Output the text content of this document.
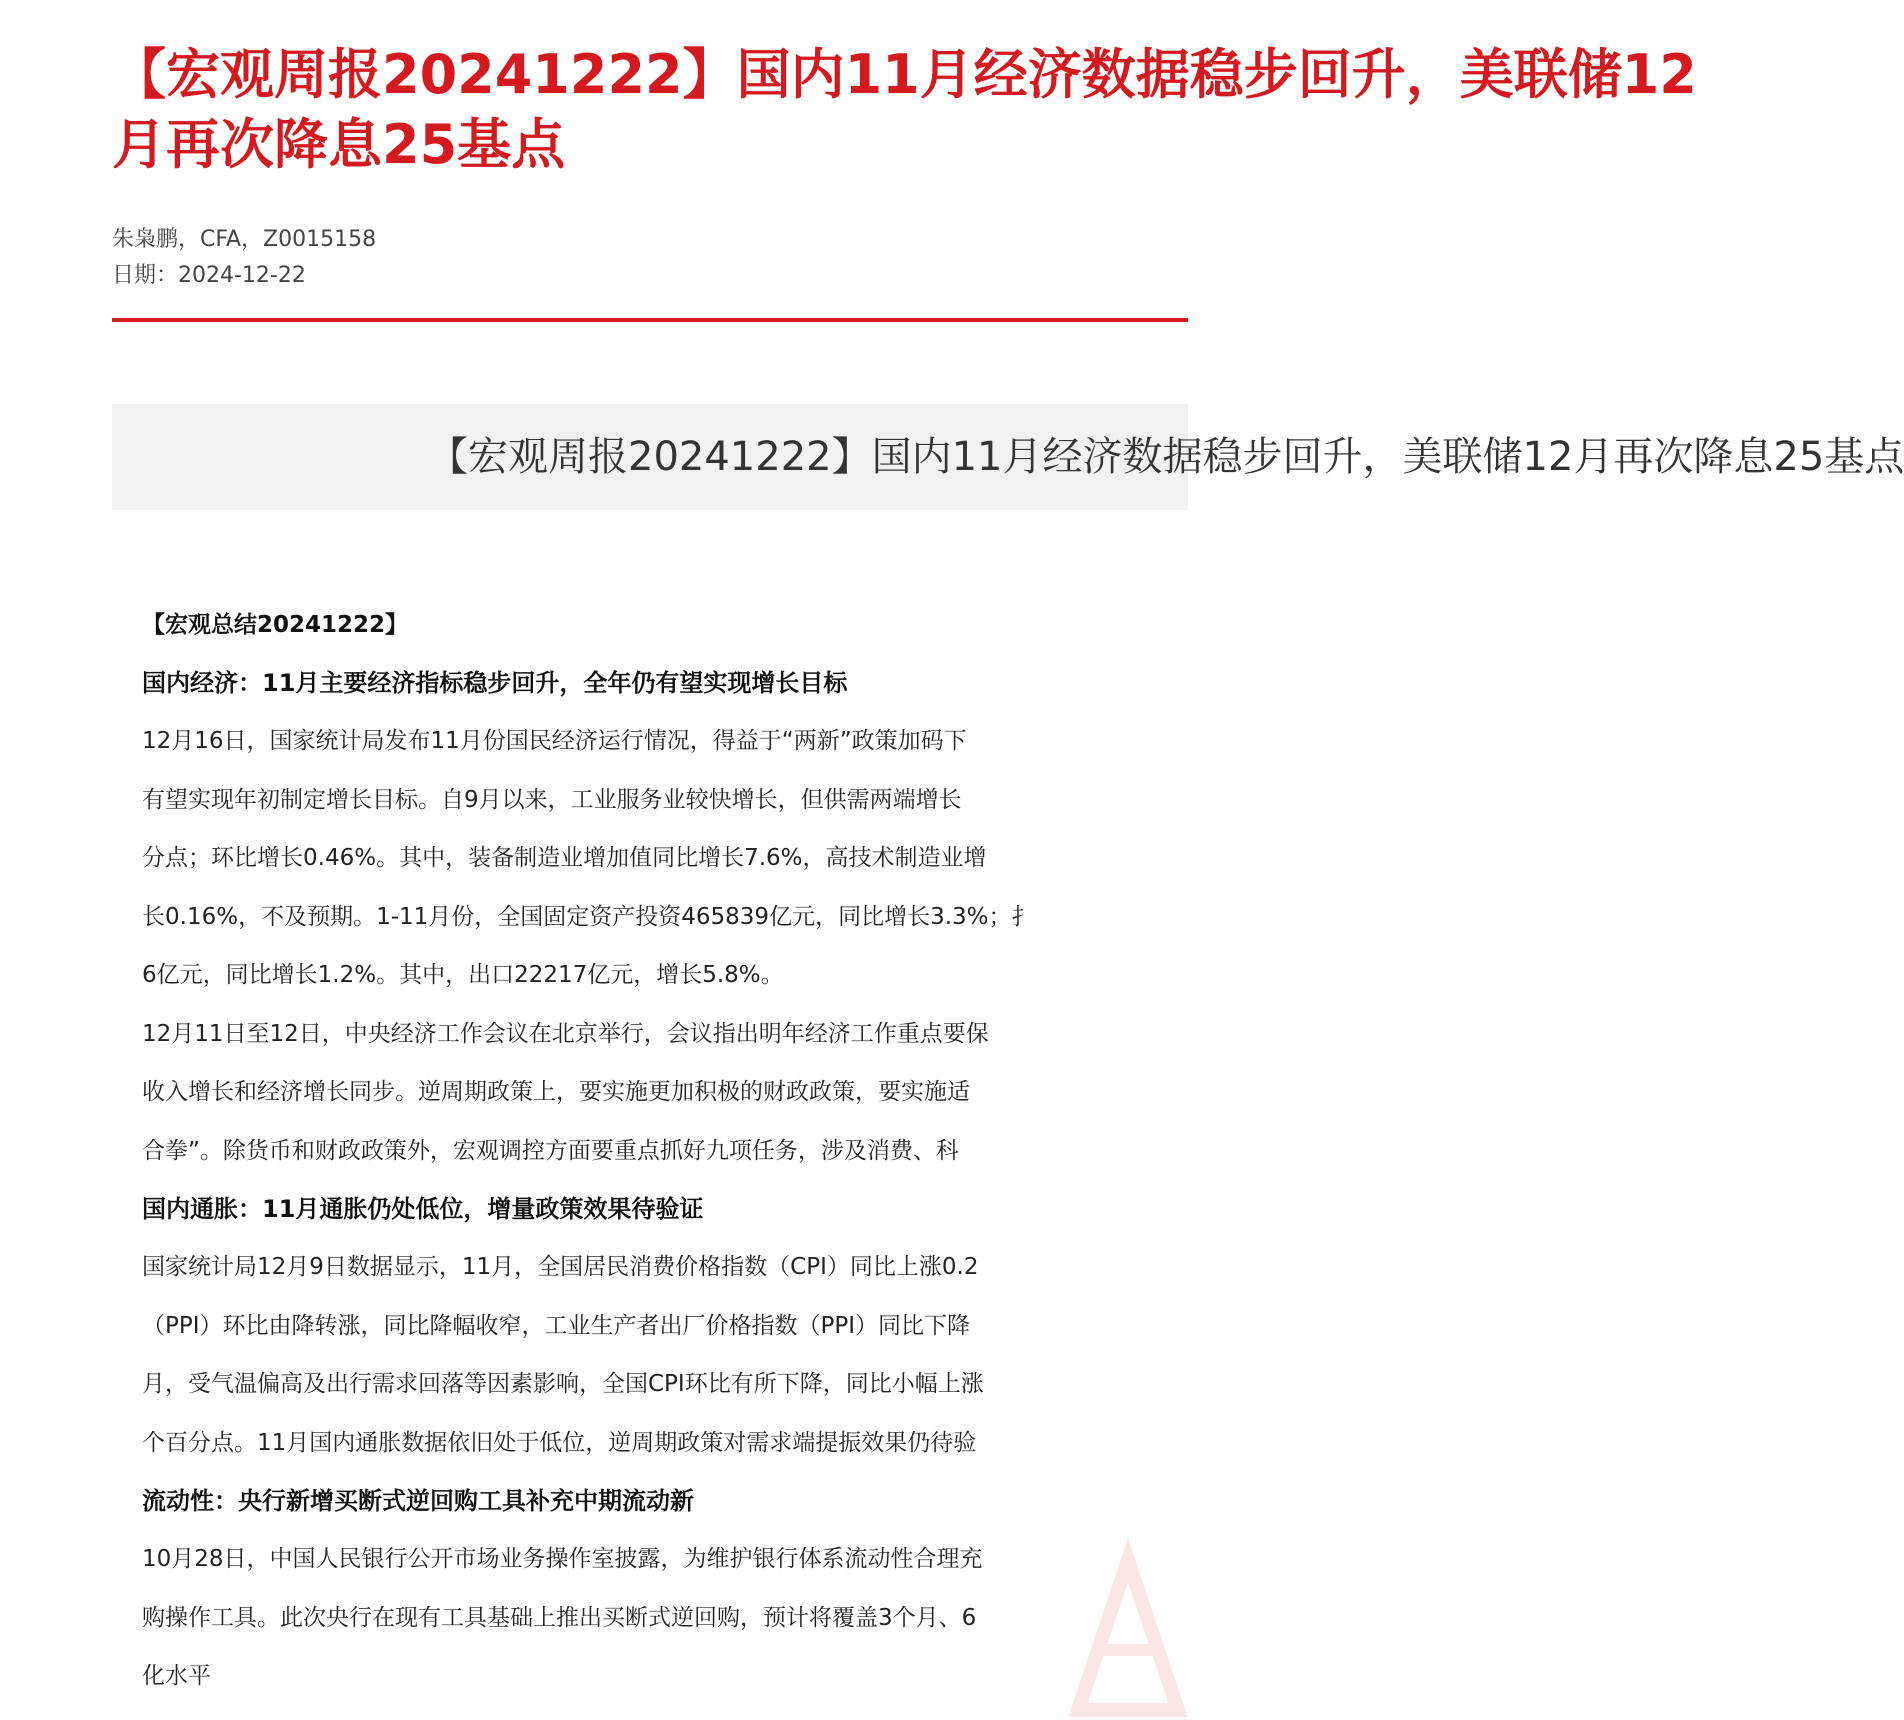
【宏观周报20241222】国内11月经济数据稳步回升，美联储12
月再次降息25基点
朱枭鹏，CFA，Z0015158
日期：2024-12-22
【宏观周报20241222】国内11月经济数据稳步回升，美联储12月再次降息25基点
【宏观总结20241222】
国内经济：11月主要经济指标稳步回升，全年仍有望实现增长目标
12月16日，国家统计局发布11月份国民经济运行情况，得益于“两新”政策加码下
有望实现年初制定增长目标。自9月以来，工业服务业较快增长，但供需两端增长
分点；环比增长0.46%。其中，装备制造业增加值同比增长7.6%，高技术制造业增
长0.16%，不及预期。1-11月份，全国固定资产投资465839亿元，同比增长3.3%；扌
6亿元，同比增长1.2%。其中，出口22217亿元，增长5.8%。
12月11日至12日，中央经济工作会议在北京举行，会议指出明年经济工作重点要保
收入增长和经济增长同步。逆周期政策上，要实施更加积极的财政政策，要实施适
合拳”。除货币和财政政策外，宏观调控方面要重点抓好九项任务，涉及消费、科
国内通胀：11月通胀仍处低位，增量政策效果待验证
国家统计局12月9日数据显示，11月，全国居民消费价格指数（CPI）同比上涨0.2
（PPI）环比由降转涨，同比降幅收窄，工业生产者出厂价格指数（PPI）同比下降
月，受气温偏高及出行需求回落等因素影响，全国CPI环比有所下降，同比小幅上涨
个百分点。11月国内通胀数据依旧处于低位，逆周期政策对需求端提振效果仍待验
流动性：央行新增买断式逆回购工具补充中期流动新
10月28日，中国人民银行公开市场业务操作室披露，为维护银行体系流动性合理充
购操作工具。此次央行在现有工具基础上推出买断式逆回购，预计将覆盖3个月、6
化水平
